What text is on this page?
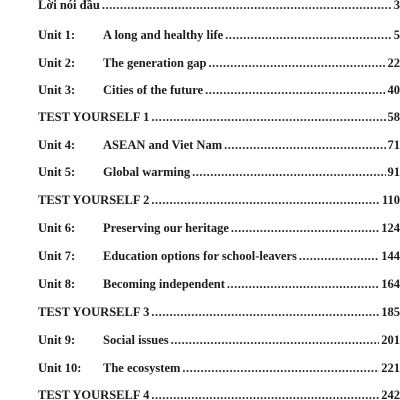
Lời nói đầu .....	3
Unit 1: A long and healthy life .....	5
Unit 2: The generation gap .....	22
Unit 3: Cities of the future .....	40
TEST YOURSELF 1 .....	58
Unit 4: ASEAN and Viet Nam .....	71
Unit 5: Global warming .....	91
TEST YOURSELF 2 .....	110
Unit 6: Preserving our heritage .....	124
Unit 7: Education options for school-leavers .....	144
Unit 8: Becoming independent .....	164
TEST YOURSELF 3 .....	185
Unit 9: Social issues .....	201
Unit 10: The ecosystem .....	221
TEST YOURSELF 4 .....	242
